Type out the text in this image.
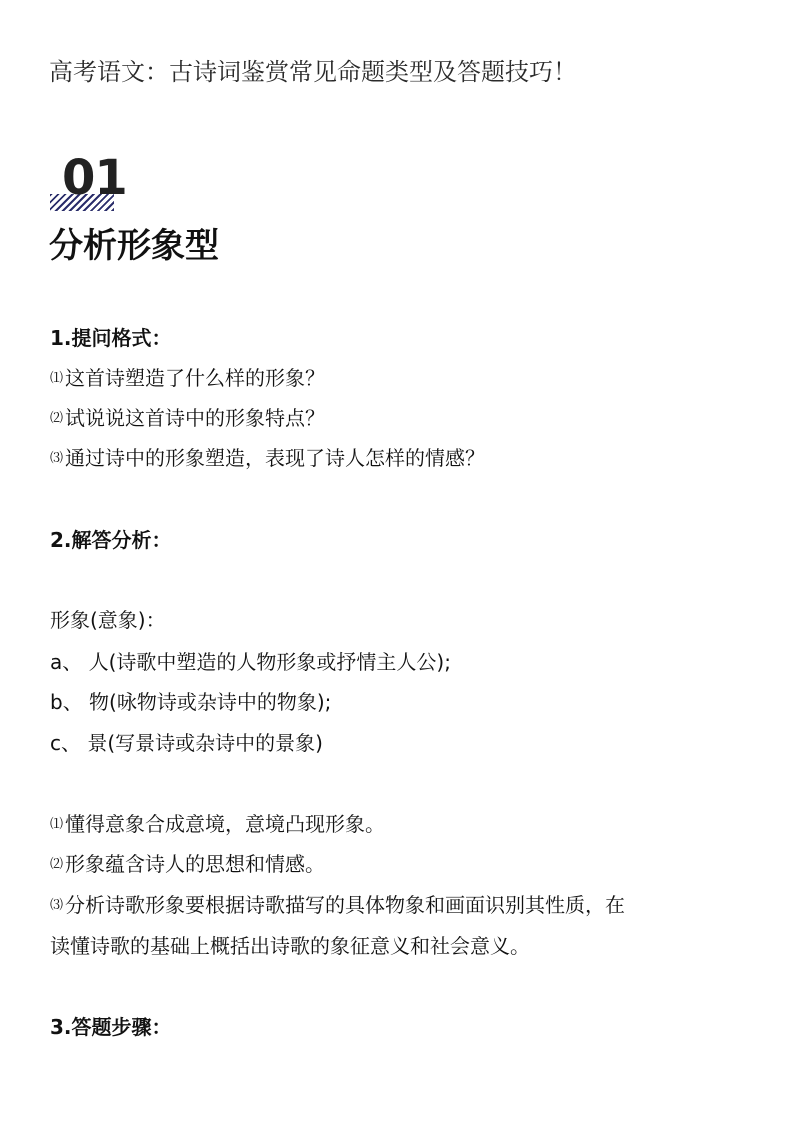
高考语文：古诗词鉴赏常见命题类型及答题技巧！
01
分析形象型
1.提问格式：
⑴ 这首诗塑造了什么样的形象？
⑵ 试说说这首诗中的形象特点？
⑶ 通过诗中的形象塑造，表现了诗人怎样的情感？
2.解答分析：
形象(意象)：
a、 人(诗歌中塑造的人物形象或抒情主人公);
b、 物(咏物诗或杂诗中的物象);
c、 景(写景诗或杂诗中的景象)
⑴ 懂得意象合成意境，意境凸现形象。
⑵ 形象蕴含诗人的思想和情感。
⑶ 分析诗歌形象要根据诗歌描写的具体物象和画面识别其性质，在
读懂诗歌的基础上概括出诗歌的象征意义和社会意义。
3.答题步骤：
